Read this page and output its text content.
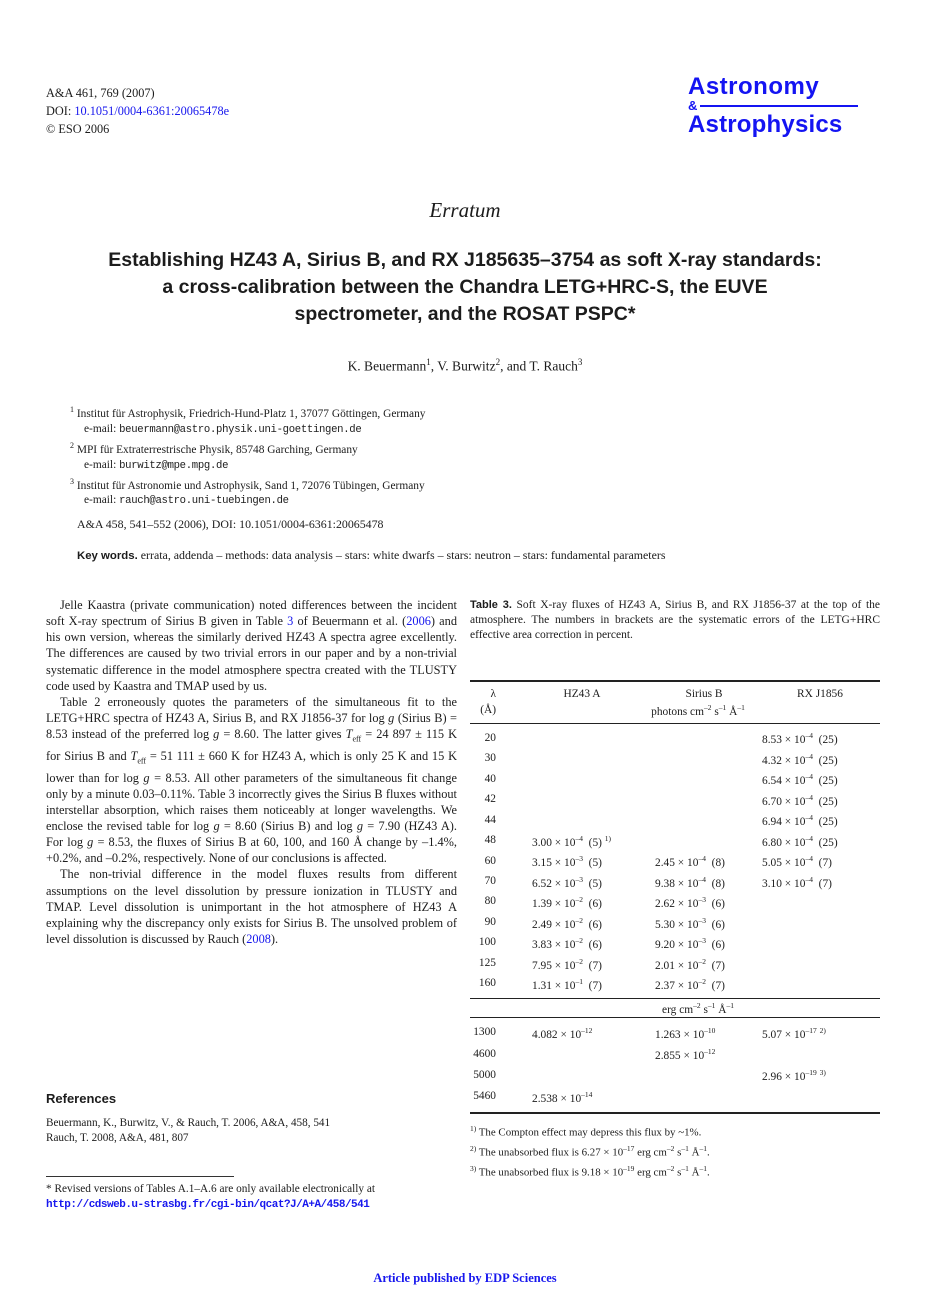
A&A 461, 769 (2007)
DOI: 10.1051/0004-6361:20065478e
© ESO 2006
Astronomy
&
Astrophysics
Erratum
Establishing HZ43 A, Sirius B, and RX J185635–3754 as soft X-ray standards: a cross-calibration between the Chandra LETG+HRC-S, the EUVE spectrometer, and the ROSAT PSPC*
K. Beuermann$^1$, V. Burwitz$^2$, and T. Rauch$^3$
$^1$ Institut für Astrophysik, Friedrich-Hund-Platz 1, 37077 Göttingen, Germany
e-mail: beuermann@astro.physik.uni-goettingen.de
$^2$ MPI für Extraterrestrische Physik, 85748 Garching, Germany
e-mail: burwitz@mpe.mpg.de
$^3$ Institut für Astronomie und Astrophysik, Sand 1, 72076 Tübingen, Germany
e-mail: rauch@astro.uni-tuebingen.de
A&A 458, 541–552 (2006), DOI: 10.1051/0004-6361:20065478
Key words. errata, addenda – methods: data analysis – stars: white dwarfs – stars: neutron – stars: fundamental parameters

Jelle Kaastra (private communication) noted differences between the incident soft X-ray spectrum of Sirius B given in Table 3 of Beuermann et al. (2006) and his own version, whereas the similarly derived HZ43 A spectra agree excellently. The differences are caused by two trivial errors in our paper and by a non-trivial systematic difference in the model atmosphere spectra created with the TLUSTY code used by Kaastra and TMAP used by us.

Table 2 erroneously quotes the parameters of the simultaneous fit to the LETG+HRC spectra of HZ43 A, Sirius B, and RX J1856-37 for log g (Sirius B) = 8.53 instead of the preferred log g = 8.60. The latter gives $T_{eff} = 24$ 897 ± 115 K for Sirius B and $T_{eff} = 51$ 111 ± 660 K for HZ43 A, which is only 25 K and 15 K lower than for log g = 8.53. All other parameters of the simultaneous fit change only by a minute 0.03–0.11%. Table 3 incorrectly gives the Sirius B fluxes without interstellar absorption, which raises them noticeably at longer wavelengths. We enclose the revised table for log g = 8.60 (Sirius B) and log g = 7.90 (HZ43 A). For log g = 8.53, the fluxes of Sirius B at 60, 100, and 160 Å change by –1.4%, +0.2%, and –0.2%, respectively. None of our conclusions is affected.

The non-trivial difference in the model fluxes results from different assumptions on the level dissolution by pressure ionization in TLUSTY and TMAP. Level dissolution is unimportant in the hot atmosphere of HZ43 A explaining why the discrepancy only exists for Sirius B. The unsolved problem of level dissolution is discussed by Rauch (2008).

Table 3. Soft X-ray fluxes of HZ43 A, Sirius B, and RX J1856-37 at the top of the atmosphere. The numbers in brackets are the systematic errors of the LETG+HRC effective area correction in percent.
λ	HZ43 A	Sirius B	RX J1856
(Å)	photons $cm^{-2}$ $s^{-1}$ $Å^{-1}$
20			$8.53 \times 10^{-4}$  (25)
30			$4.32 \times 10^{-4}$  (25)
40			$6.54 \times 10^{-4}$  (25)
42			$6.70 \times 10^{-4}$  (25)
44			$6.94 \times 10^{-4}$  (25)
48	$3.00 \times 10^{-4}$  (5) $^{1)}$		$6.80 \times 10^{-4}$  (25)
60	$3.15 \times 10^{-3}$  (5)	$2.45 \times 10^{-4}$  (8)	$5.05 \times 10^{-4}$  (7)
70	$6.52 \times 10^{-3}$  (5)	$9.38 \times 10^{-4}$  (8)	$3.10 \times 10^{-4}$  (7)
80	$1.39 \times 10^{-2}$  (6)	$2.62 \times 10^{-3}$  (6)	
90	$2.49 \times 10^{-2}$  (6)	$5.30 \times 10^{-3}$  (6)	
100	$3.83 \times 10^{-2}$  (6)	$9.20 \times 10^{-3}$  (6)	
125	$7.95 \times 10^{-2}$  (7)	$2.01 \times 10^{-2}$  (7)	
160	$1.31 \times 10^{-1}$  (7)	$2.37 \times 10^{-2}$  (7)	
	erg $cm^{-2}$ $s^{-1}$ $Å^{-1}$
1300	$4.082 \times 10^{-12}$	$1.263 \times 10^{-10}$	$5.07 \times 10^{-17}$ $^{2)}$
4600		$2.855 \times 10^{-12}$	
5000			$2.96 \times 10^{-19}$ $^{3)}$
5460	$2.538 \times 10^{-14}$		
$^{1)}$ The Compton effect may depress this flux by ~1%.
$^{2)}$ The unabsorbed flux is $6.27 \times 10^{-17}$ erg $cm^{-2}$ $s^{-1}$ $Å^{-1}$.
$^{3)}$ The unabsorbed flux is $9.18 \times 10^{-19}$ erg $cm^{-2}$ $s^{-1}$ $Å^{-1}$.
References
Beuermann, K., Burwitz, V., & Rauch, T. 2006, A&A, 458, 541
Rauch, T. 2008, A&A, 481, 807
* Revised versions of Tables A.1–A.6 are only available electronically at
http://cdsweb.u-strasbg.fr/cgi-bin/qcat?J/A+A/458/541
Article published by EDP Sciences
